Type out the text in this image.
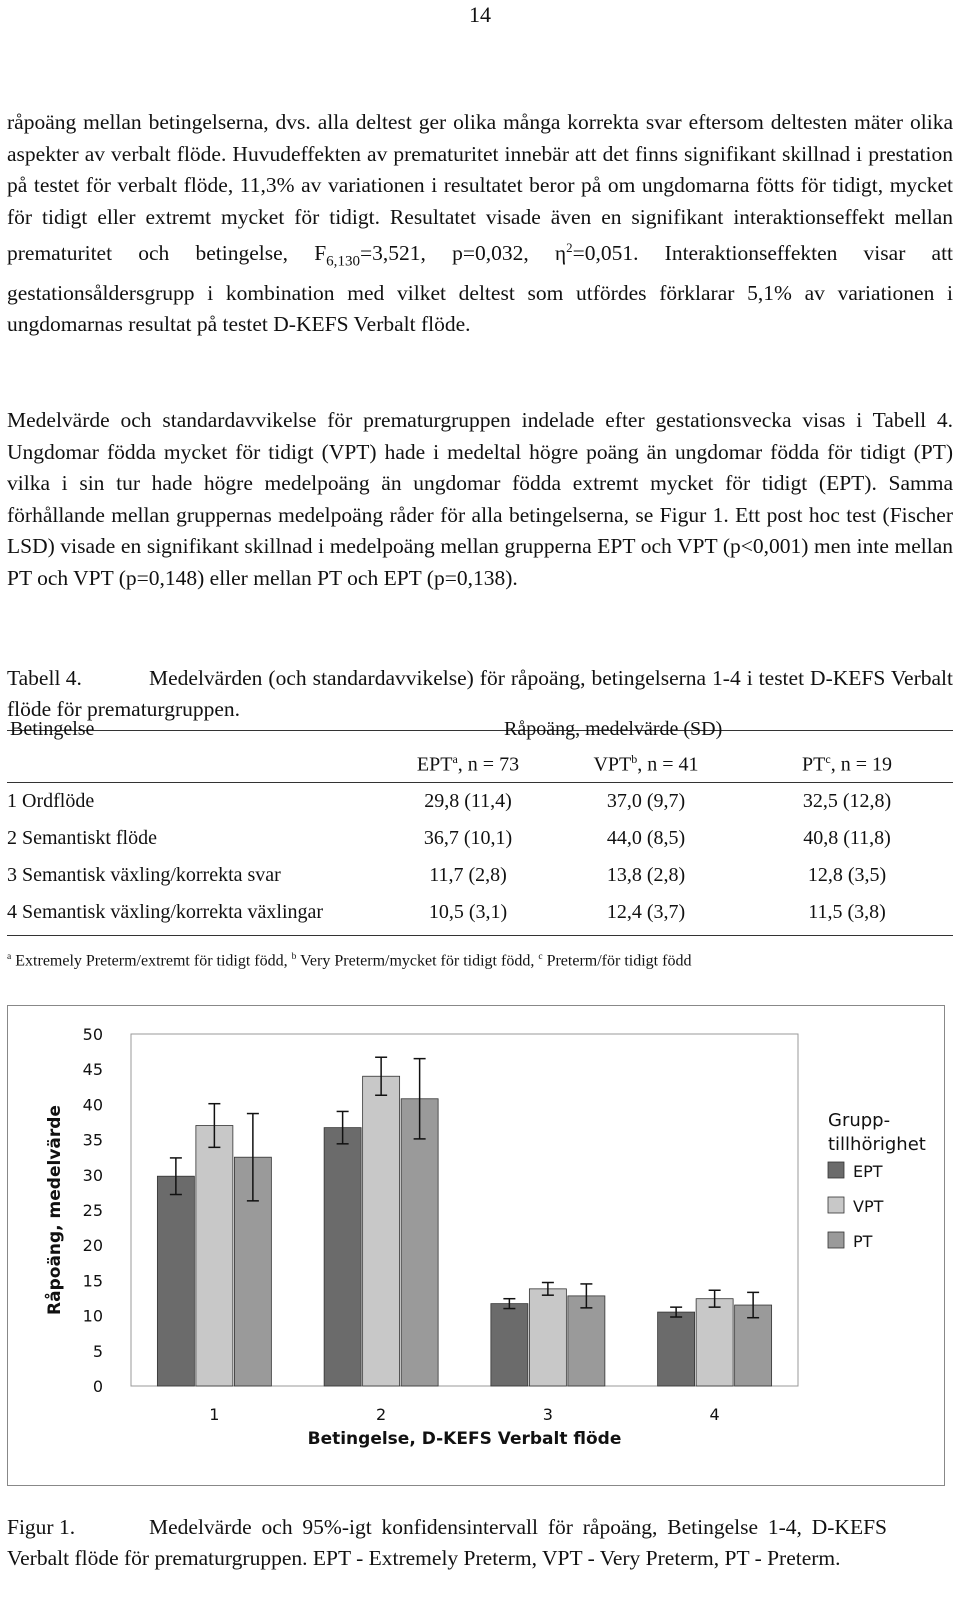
14

råpoäng mellan betingelserna, dvs. alla deltest ger olika många korrekta svar eftersom deltesten mäter olika aspekter av verbalt flöde. Huvudeffekten av prematuritet innebär att det finns signifikant skillnad i prestation på testet för verbalt flöde, 11,3% av variationen i resultatet beror på om ungdomarna fötts för tidigt, mycket för tidigt eller extremt mycket för tidigt. Resultatet visade även en signifikant interaktionseffekt mellan prematuritet och betingelse, $F_{6,130}=3,521$, p=0,032, $\eta^2=0,051$. Interaktionseffekten visar att gestationsåldersgrupp i kombination med vilket deltest som utfördes förklarar 5,1% av variationen i ungdomarnas resultat på testet D-KEFS Verbalt flöde.

Medelvärde och standardavvikelse för prematurgruppen indelade efter gestationsvecka visas i Tabell 4. Ungdomar födda mycket för tidigt (VPT) hade i medeltal högre poäng än ungdomar födda för tidigt (PT) vilka i sin tur hade högre medelpoäng än ungdomar födda extremt mycket för tidigt (EPT). Samma förhållande mellan gruppernas medelpoäng råder för alla betingelserna, se Figur 1. Ett post hoc test (Fischer LSD) visade en signifikant skillnad i medelpoäng mellan grupperna EPT och VPT (p<0,001) men inte mellan PT och VPT (p=0,148) eller mellan PT och EPT (p=0,138).

Tabell 4.	Medelvärden (och standardavvikelse) för råpoäng, betingelserna 1-4 i testet D-KEFS Verbalt flöde för prematurgruppen.

Betingelse	Råpoäng, medelvärde (SD)
EPT$^a$, n = 73	VPT$^b$, n = 41	$PT^c$, n = 19
1 Ordflöde	29,8 (11,4)	37,0 (9,7)	32,5 (12,8)
2 Semantiskt flöde	36,7 (10,1)	44,0 (8,5)	40,8 (11,8)
3 Semantisk växling/korrekta svar	11,7 (2,8)	13,8 (2,8)	12,8 (3,5)
4 Semantisk växling/korrekta växlingar	10,5 (3,1)	12,4 (3,7)	11,5 (3,8)
$^a$ Extremely Preterm/extremt för tidigt född, $^b$ Very Preterm/mycket för tidigt född, $^c$ Preterm/för tidigt född
0
5
10
15
20
25
30
35
40
45
50
Råpoäng, medelvärde
1	2	3	4
Betingelse, D-KEFS Verbalt flöde
Grupp-
tillhörighet
EPT
VPT
PT

Figur 1.	Medelvärde och 95%-igt konfidensintervall för råpoäng, Betingelse 1-4, D-KEFS Verbalt flöde för prematurgruppen. EPT - Extremely Preterm, VPT - Very Preterm, PT - Preterm.
